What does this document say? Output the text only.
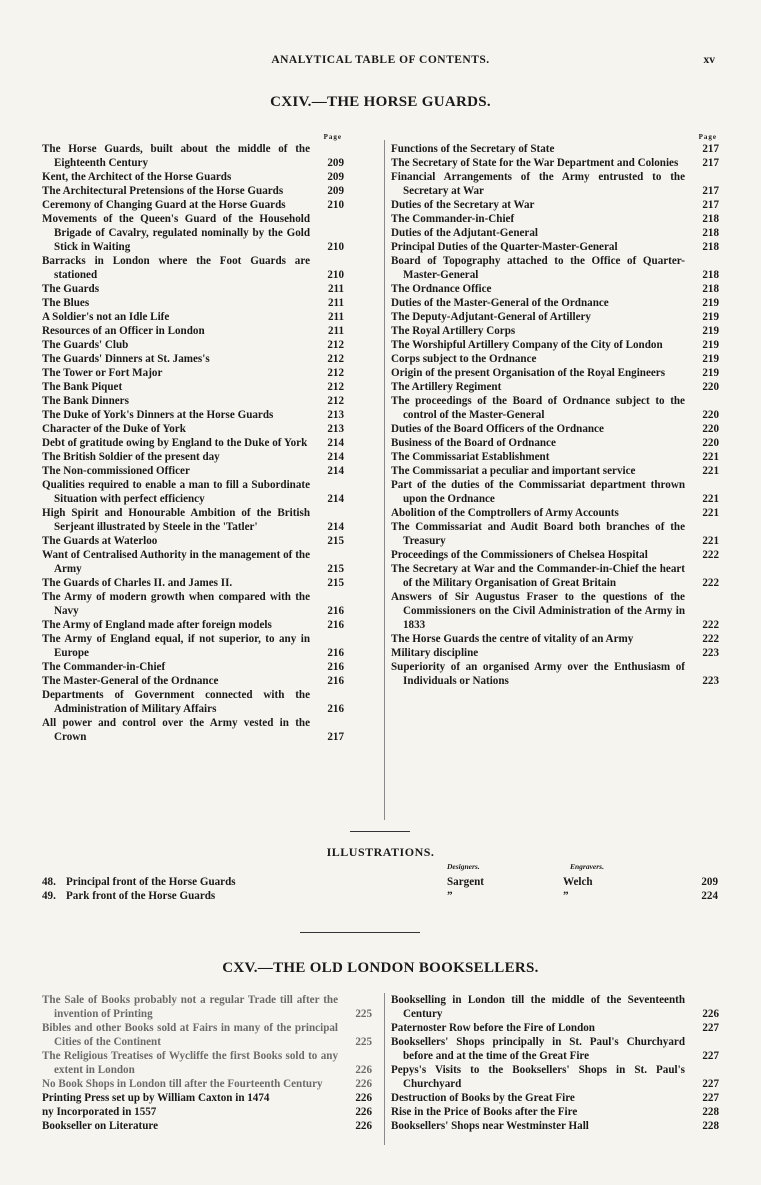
ANALYTICAL TABLE OF CONTENTS.	xv
CXIV.—THE HORSE GUARDS.
Page
The Horse Guards, built about the middle of the Eighteenth Century	209
Kent, the Architect of the Horse Guards	209
The Architectural Pretensions of the Horse Guards	209
Ceremony of Changing Guard at the Horse Guards	210
Movements of the Queen's Guard of the Household Brigade of Cavalry, regulated nominally by the Gold Stick in Waiting	210
Barracks in London where the Foot Guards are stationed	210
The Guards	211
The Blues	211
A Soldier's not an Idle Life	211
Resources of an Officer in London	211
The Guards' Club	212
The Guards' Dinners at St. James's	212
The Tower or Fort Major	212
The Bank Piquet	212
The Bank Dinners	212
The Duke of York's Dinners at the Horse Guards	213
Character of the Duke of York	213
Debt of gratitude owing by England to the Duke of York	214
The British Soldier of the present day	214
The Non-commissioned Officer	214
Qualities required to enable a man to fill a Subordinate Situation with perfect efficiency	214
High Spirit and Honourable Ambition of the British Serjeant illustrated by Steele in the 'Tatler'	214
The Guards at Waterloo	215
Want of Centralised Authority in the management of the Army	215
The Guards of Charles II. and James II.	215
The Army of modern growth when compared with the Navy	216
The Army of England made after foreign models	216
The Army of England equal, if not superior, to any in Europe	216
The Commander-in-Chief	216
The Master-General of the Ordnance	216
Departments of Government connected with the Administration of Military Affairs	216
All power and control over the Army vested in the Crown	217
Page
Functions of the Secretary of State	217
The Secretary of State for the War Department and Colonies	217
Financial Arrangements of the Army entrusted to the Secretary at War	217
Duties of the Secretary at War	217
The Commander-in-Chief	218
Duties of the Adjutant-General	218
Principal Duties of the Quarter-Master-General	218
Board of Topography attached to the Office of Quarter-Master-General	218
The Ordnance Office	218
Duties of the Master-General of the Ordnance	219
The Deputy-Adjutant-General of Artillery	219
The Royal Artillery Corps	219
The Worshipful Artillery Company of the City of London	219
Corps subject to the Ordnance	219
Origin of the present Organisation of the Royal Engineers	219
The Artillery Regiment	220
The proceedings of the Board of Ordnance subject to the control of the Master-General	220
Duties of the Board Officers of the Ordnance	220
Business of the Board of Ordnance	220
The Commissariat Establishment	221
The Commissariat a peculiar and important service	221
Part of the duties of the Commissariat department thrown upon the Ordnance	221
Abolition of the Comptrollers of Army Accounts	221
The Commissariat and Audit Board both branches of the Treasury	221
Proceedings of the Commissioners of Chelsea Hospital	222
The Secretary at War and the Commander-in-Chief the heart of the Military Organisation of Great Britain	222
Answers of Sir Augustus Fraser to the questions of the Commissioners on the Civil Administration of the Army in 1833	222
The Horse Guards the centre of vitality of an Army	222
Military discipline	223
Superiority of an organised Army over the Enthusiasm of Individuals or Nations	223
ILLUSTRATIONS.
Designers.	Engravers.
48. Principal front of the Horse Guards	Sargent	Welch	209
49. Park front of the Horse Guards	”	”	224
CXV.—THE OLD LONDON BOOKSELLERS.
The Sale of Books probably not a regular Trade till after the invention of Printing	225
Bibles and other Books sold at Fairs in many of the principal Cities of the Continent	225
The Religious Treatises of Wycliffe the first Books sold to any extent in London	226
No Book Shops in London till after the Fourteenth Century	226
Printing Press set up by William Caxton in 1474	226
ny Incorporated in 1557	226
Bookseller on Literature	226
Bookselling in London till the middle of the Seventeenth Century	226
Paternoster Row before the Fire of London	227
Booksellers' Shops principally in St. Paul's Churchyard before and at the time of the Great Fire	227
Pepys's Visits to the Booksellers' Shops in St. Paul's Churchyard	227
Destruction of Books by the Great Fire	227
Rise in the Price of Books after the Fire	228
Booksellers' Shops near Westminster Hall	228
